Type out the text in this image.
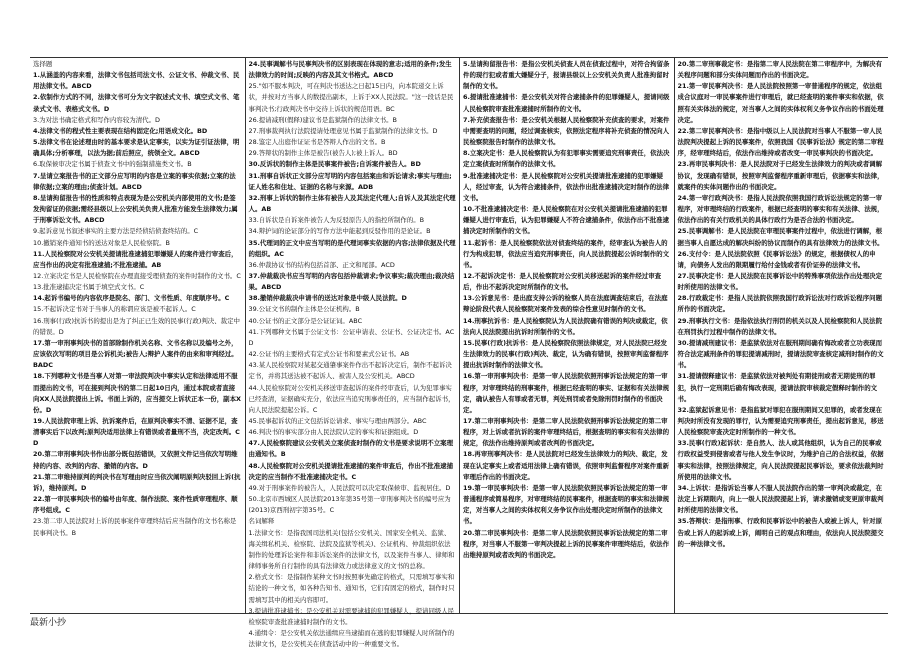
选择题

1.从涵盖的内容来看，法律文书包括司法文书、公证文书、仲裁文书、民用法律文书。ABCD

2.依制作方式的不同，法律文书可分为文字叙述式文书、填空式文书、笔录式文书、表格式文书。D

3.为对法书确定格式和写作内容较为清代。D

4.法律文书的程式性主要表现在结构固定化;用语成文化。BD

5.法律文书在论述理由时的基本要求是认定事实，以实为证引证法律，明确具体;分析事理，以法为据;前后照应，统领全文。ABCD

6.取保候审决定书属于侦查文书中的强制措施类文书。B

7.呈请立案报告书的正文部分应写明的内容是立案的事实依据;立案的法律依据;立案的理由;侦查计划。ABCD

8.呈请拘留报告书的性质和特点表现为是公安机关内部使用的文书;是签发拘留证的依据;需经县级以上公安机关负责人批准方能发生法律效力;属于刑事诉讼文书。ABCD

9.起诉意见书叙述事实的主要方法是经侦结侦查终结的。C

10.撤销案件通知书的送达对象是人民检察院。B

11.人民检察院对公安机关提请批准逮捕犯罪嫌疑人的案件进行审查后，应当作出的决定有批准逮捕;不批准逮捕。AB

12.立案决定书是人民检察院在办理直接受理侦查的案件时制作的文书。C

13.批准逮捕决定书属于填空式文书。C

14.起诉书编号的内容依序是院名、部门、文书性质、年度顺序号。C

15.不起诉决定书对于当事人的称谓应该是被不起诉人。C

16.刑事(行政)抗诉书的提出是为了纠正已生效的民事(行政)判决、裁定中的错误。D

17.第一审刑事判决书的首部除制作机关名称、文书名称以及编号之外，应该依次写明的项目是公诉机关;被告人;辩护人案件的由来和审判经过。BADC

18.下列哪种文书是当事人对第一审法院判决中事实认定和法律适用不服而提出的文书，可在接到判决书的第二日起10日内，通过本院或者直接向XX人民法院提出上诉。书面上诉的，应当提交上诉状正本一份，副本X份。D

19.人民法院审理上诉、抗诉案件后，在原判决事实不清、证据不足，查清事实后下以改判;原判决适用法律上有错误或者量刑不当，决定改判。CD

20.第二审刑事判决书作出部分既包括错误，又依照文件记当依次写明维持的内容、改判的内容、撤销的内容。D

21.第二审维持原判的判决书在写理由时应当依次阐明原判决驳回上诉(抗诉)，维持原判。D

22.第一审民事判决书的编号由年度、制作法院、案件性质审理程序、顺序号组成。C

23.第二审人民法院对上诉的民事案件审理终结后应当制作的文书名称是民事判决书。B

24.民事调解书与民事判决书的区别表现在体现的意志;适用的条件;发生法律效力的时间;反映的内容及其文书格式。ABCD

25."如不服本判决，可在判决书送达之日起15日内，向本院递交上诉状，并按对方当事人的数提出副本，上诉于XX人民法院。"这一段话是民事判决书;行政判决书中交待上诉状的规范用语。BC

26.提请减刑(假释)建议书是监狱制作的法律文书。B

27.刑事裁判执行法院提请处理意见书属于监狱制作的法律文书。D

28.鉴定人出庭作证证书是答辩人作出的文书。B

29.答辩状的制作主体是被告(被告人);被上诉人。BD

30.反诉状的制作主体是民事案件被告;自诉案件被告人。BD

31.刑事自诉状正文部分应写明的内容包括案由和诉讼请求;事实与理由;证人姓名和住址、证据的名称与来源。ADB

32.刑事上诉状的制作主体有被告人及其法定代理人;自诉人及其法定代理人。AB

33.自诉状是自诉案件被告人为反驳原告人的指控所制作的。B

34.辩护词的论证部分的写作方法中能起到反驳作用的是论证。B

35.代理词的正文中应当写明的是代理词事实依据的内容;法律依据及代理的组织。AC

36.仲裁协议书的结构包括首部、正文和尾部。ACD

37.仲裁裁决书应当写明的内容包括仲裁请求;争议事实;裁决理由;裁决结果。ABCD

38.撤销仲裁裁决申请书的送达对象是中级人民法院。D

39.公证文书的制作主体是公证机构。B

40.公证书的正文部分是公证证词。ABC

41.下列哪种文书属于公证文书：公证申请表、公证书、公证决定书。ACD

42.公证书的主要格式有定式公证书和要素式公证书。AB

43.某人民检察院对某起交通肇事案件作出不起诉决定后，制作不起诉决定书，并将其送达被不起诉人、被害人及公安机关。ABCD

44.人民检察院对公安机关移送审查起诉的案件经审查后，认为犯罪事实已经查清，证据确实充分，依法应当追究刑事责任的，应当制作起诉书，向人民法院提起公诉。C

45.民事起诉状的正文包括诉讼请求、事实与理由两部分。ABC

46.判决书的事实部分由人民法院认定的事实和证据组成。D

47.人民检察院建议公安机关立案侦查时制作的文书是要求说明不立案理由通知书。B

48.人民检察院对公安机关提请批准逮捕的案件审查后，作出不批准逮捕决定的应当制作不批准逮捕决定书。C

49.对于刑事案件的被告人，人民法院可以决定取保候审、监视居住。D

50.北京市西城区人民法院2013年第35号第一审刑事判决书的编号应为(2013)京西刑初字第35号。C

名词解释

1.法律文书：是指我国司法机关(包括公安机关、国家安全机关、监狱、海关缉私机关、检察院、法院及监狱等机关)、公证机构、仲裁组织依法制作的处理诉讼案件和非诉讼案件的法律文书，以及案件当事人、律师和律师事务所自行制作的具有法律效力或法律意义的文书的总称。

2.格式文书：是指制作某种文书时按照事先确定的格式，只需填写事实和结论的一种文书，如各种告知书、通知书，它们有固定的格式，制作时只需填写其中的相关内容即可。

3.提请批准逮捕书：是公安机关对需要逮捕的犯罪嫌疑人，提请同级人民检察院审查批准逮捕时制作的文书。

4.通缉令：是公安机关依法通缉应当逮捕而在逃的犯罪嫌疑人时所制作的法律文书，是公安机关在侦查活动中的一种重要文书。

5.呈请拘留报告书：是指公安机关侦查人员在侦查过程中，对符合拘留条件的现行犯或者重大嫌疑分子，报请县级以上公安机关负责人批准拘留时制作的文书。

6.提请批准逮捕书：是公安机关对符合逮捕条件的犯罪嫌疑人，提请同级人民检察院审查批准逮捕时所制作的文书。

7.补充侦查报告书：是公安机关根据人民检察院补充侦查的要求，对案件中需要查明的问题，经过调查核实，依照法定程序将补充侦查的情况向人民检察院报告时制作的法律文书。

8.立案决定书：是人民检察院认为有犯罪事实需要追究刑事责任，依法决定立案侦查时所制作的法律文书。

9.批准逮捕决定书：是人民检察院对公安机关提请批准逮捕的犯罪嫌疑人，经过审查，认为符合逮捕条件，依法作出批准逮捕决定时制作的法律文书。

10.不批准逮捕决定书：是人民检察院在对公安机关提请批准逮捕的犯罪嫌疑人进行审查后，认为犯罪嫌疑人不符合逮捕条件，依法作出不批准逮捕决定时所制作的文书。

11.起诉书：是人民检察院依法对侦查终结的案件，经审查认为被告人的行为构成犯罪，依法应当追究刑事责任，向人民法院提起公诉时制作的文书。

12.不起诉决定书：是人民检察院对公安机关移送起诉的案件经过审查后，作出不起诉决定时所制作的文书。

13.公诉意见书：是出庭支持公诉的检察人员在法庭调查结束后，在法庭辩论阶段代表人民检察院对案件发表的综合性意见时制作的文书。

14.刑事抗诉书：是人民检察院认为人民法院确有错误的判决或裁定，依法向人民法院提出抗诉时所制作的文书。

15.民事(行政)抗诉书：是人民检察院依照法律规定，对人民法院已经发生法律效力的民事(行政)判决、裁定，认为确有错误，按照审判监督程序提出抗诉时制作的法律文书。

16.第一审刑事判决书：是第一审人民法院依照刑事诉讼法规定的第一审程序，对审理终结的刑事案件，根据已经查明的事实、证据和有关法律规定，确认被告人有罪或者无罪，判处刑罚或者免除刑罚时制作的书面决定。

17.第二审刑事判决书：是第二审人民法院依照刑事诉讼法规定的第二审程序，对上诉或者抗诉的案件审理终结后，根据查明的事实和有关法律的规定，依法作出维持原判或者改判的书面决定。

18.再审刑事判决书：是人民法院对已经发生法律效力的判决、裁定，发现在认定事实上或者适用法律上确有错误，依照审判监督程序对案件重新审理后作出的书面决定。

19.第一审民事判决书：是第一审人民法院依照民事诉讼法规定的第一审普通程序或简易程序，对审理终结的民事案件，根据查明的事实和法律规定，对当事人之间的实体权利义务争议作出处理决定时所制作的法律文书。

20.第二审民事判决书：是第二审人民法院依照民事诉讼法规定的第二审程序，对当事人不服第一审判决提起上诉的民事案件审理终结后，依法作出维持原判或者改判的书面决定。

20.第二审刑事裁定书：是指第二审人民法院在第二审程序中，为解决有关程序问题和部分实体问题而作出的书面决定。

21.第一审民事判决书：是人民法院按照第一审普通程序的规定，依法组成合议庭对一审民事案件进行审理后，就已经查明的案件事实和依据，依照有关实体法的规定，对当事人之间的实体权利义务争议作出的书面处理决定。

22.第二审民事判决书：是指中级以上人民法院对当事人不服第一审人民法院判决提起上诉的民事案件，依照我国《民事诉讼法》规定的第二审程序，经审理终结后，依法作出维持或者改变一审民事判决的书面决定。

23.再审民事判决书：是人民法院对于已经发生法律效力的判决或者调解协议，发现确有错误，按照审判监督程序重新审理后，依据事实和法律，就案件的实体问题作出的书面决定。

24.第一审行政判决书：是指人民法院依照我国行政诉讼法规定的第一审程序，对审理终结的行政案件，根据已经查明的事实和有关法律、法规，依法作出的有关行政机关的具体行政行为是否合法的书面决定。

25.民事调解书：是人民法院在审理民事案件过程中，依法进行调解，根据当事人自愿达成的解决纠纷的协议而制作的具有法律效力的法律文书。

26.支付令：是人民法院依照《民事诉讼法》的规定，根据债权人的申请，向债务人发出的限期履行给付金钱或者有价证券的法律文书。

27.民事决定书：是人民法院在民事诉讼中的特殊事项依法作出处理决定时所使用的法律文书。

28.行政裁定书：是指人民法院依照我国行政诉讼法对行政诉讼程序问题所作的书面决定。

29.刑事执行文书：是指依法执行刑罚的机关以及人民检察院和人民法院在刑罚执行过程中制作的法律文书。

30.提请减刑建议书：是监狱依法对在服刑期间确有悔改或者立功表现而符合法定减刑条件的罪犯提请减刑时，提请法院审查核定减刑时制作的文书。

31.提请假释建议书：是监狱依法对被判处有期徒刑或者无期徒刑的罪犯，执行一定刑期后确有悔改表现，提请法院审核裁定假释时制作的文书。

32.监狱起诉意见书：是指监狱对罪犯在服刑期间又犯罪的，或者发现在判决时所没有发现的罪行，认为需要追究刑事责任，提出起诉意见，移送人民检察院审查决定时所制作的一种文书。

33.民事(行政)起诉状：是自然人、法人或其他组织，认为自己的民事或行政权益受到侵害或者与他人发生争议时，为维护自己的合法权益，依据事实和法律，按照法律规定，向人民法院提起民事诉讼，要求依法裁判时所使用的法律文书。

34.上诉状：是指诉讼当事人不服人民法院作出的第一审判决或裁定，在法定上诉期限内，向上一级人民法院提起上诉，请求撤销或变更原审裁判时所使用的法律文书。

35.答辩状：是指刑事、行政和民事诉讼中的被告人或被上诉人，针对原告或上诉人的起诉或上诉，阐明自己的观点和理由，依法向人民法院提交的一种法律文书。

最新小抄
